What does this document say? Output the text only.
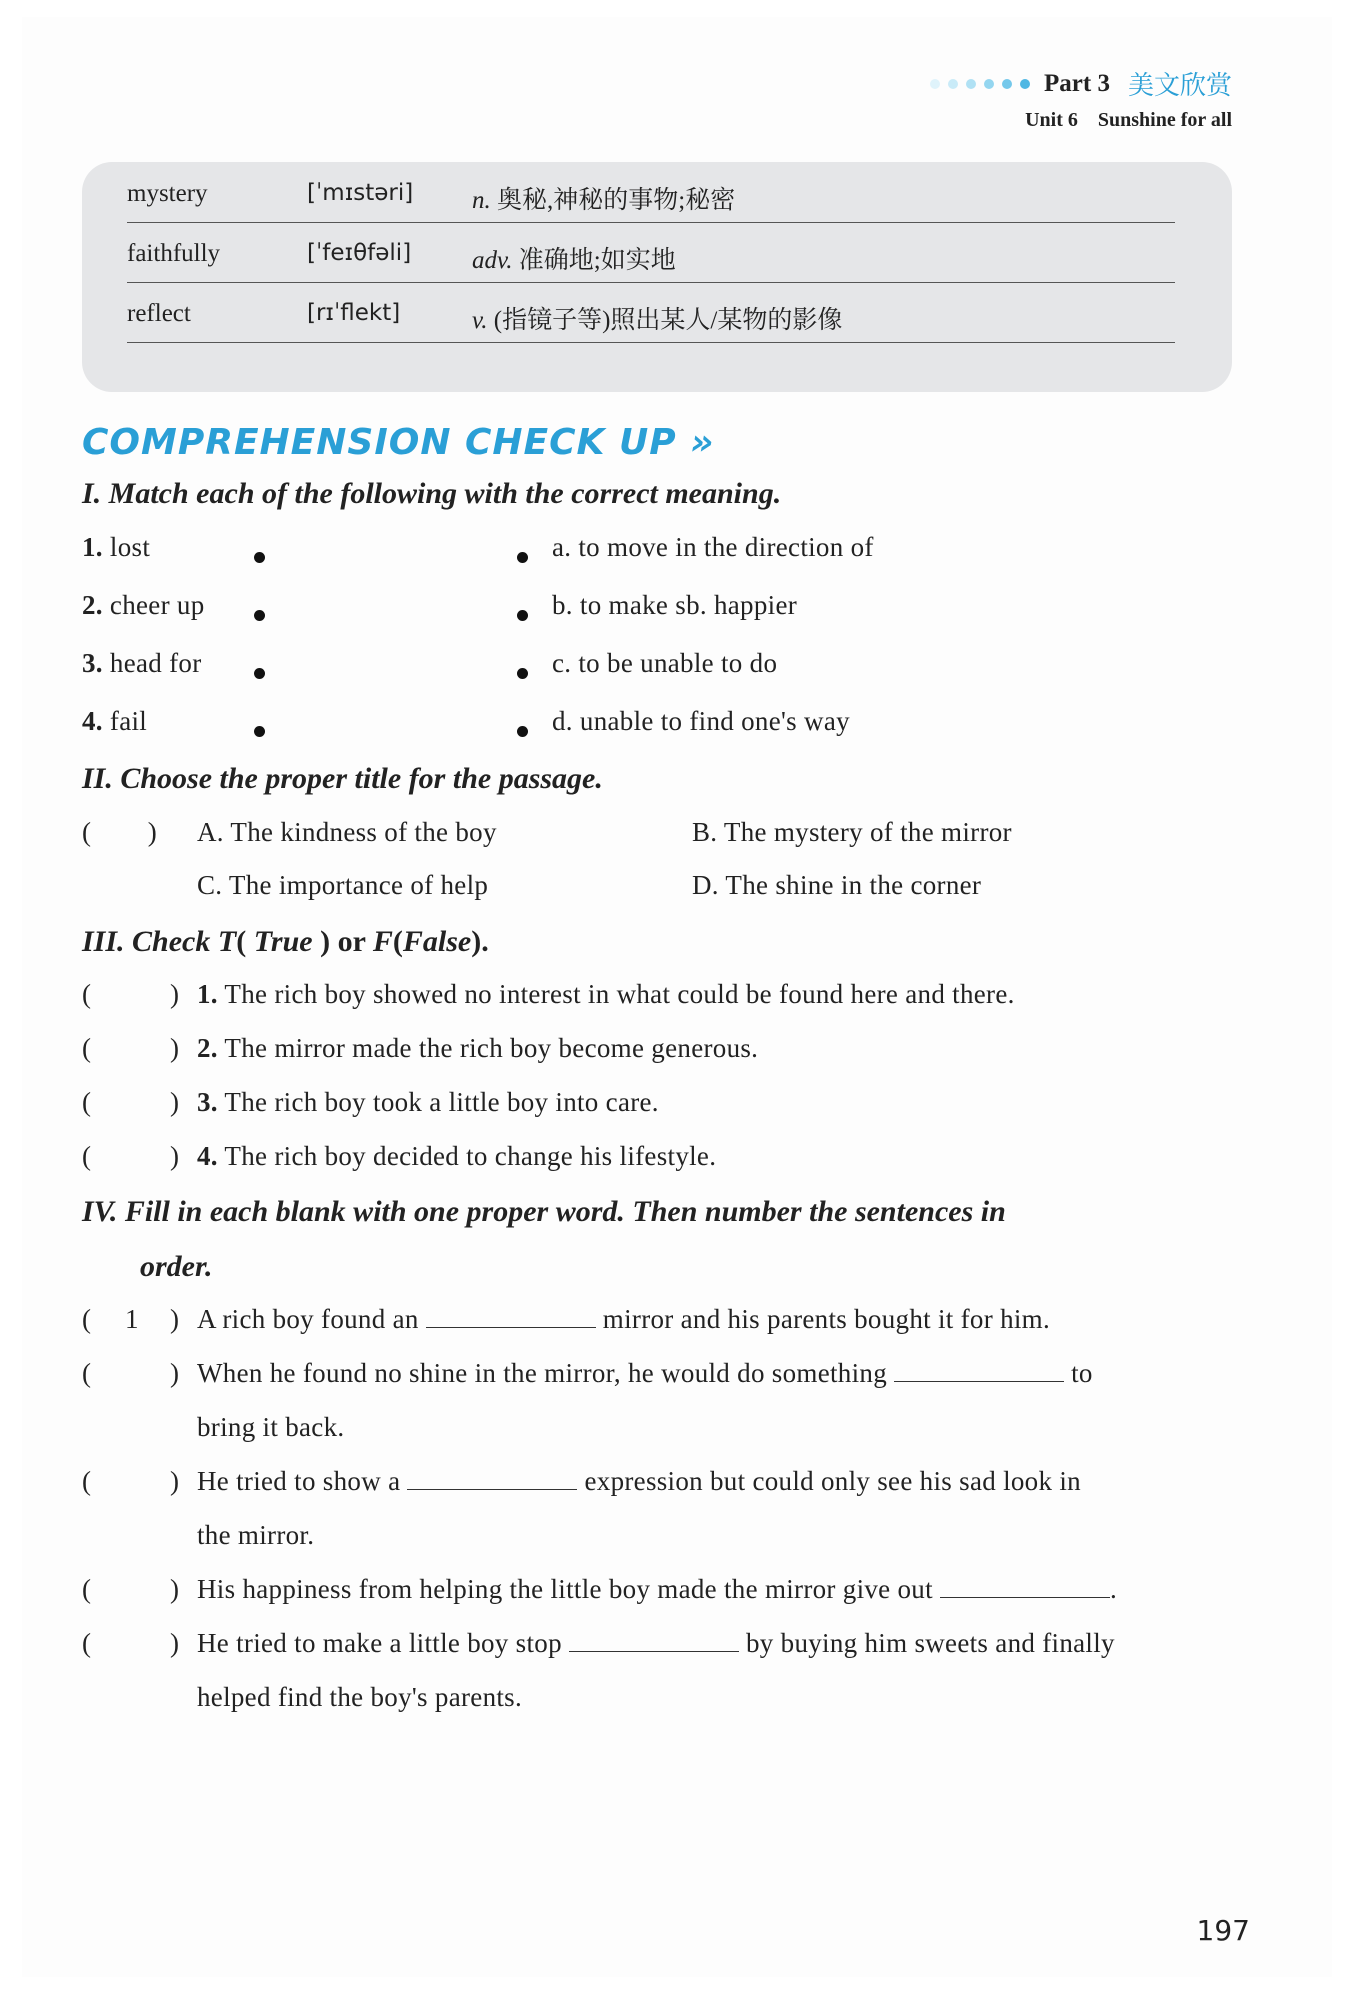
Part 3 美文欣赏
Unit 6 Sunshine for all
mystery	[ˈmɪstəri] n. 奥秘,神秘的事物;秘密
faithfully	[ˈfeɪθfəli] adv. 准确地;如实地
reflect	[rɪˈflekt]	v. (指镜子等)照出某人/某物的影像
COMPREHENSION CHECK UP »
I. Match each of the following with the correct meaning.
1. lost
2. cheer up
3. head for
4. fail
a. to move in the direction of
b. to make sb. happier
c. to be unable to do
d. unable to find one's way
II. Choose the proper title for the passage.
(        ) A. The kindness of the boy	B. The mystery of the mirror
C. The importance of help	D. The shine in the corner
III. Check T( True ) or F(False).
(	) 1. The rich boy showed no interest in what could be found here and there.
(	) 2. The mirror made the rich boy become generous.
(	) 3. The rich boy took a little boy into care.
(	) 4. The rich boy decided to change his lifestyle.
IV. Fill in each blank with one proper word. Then number the sentences in
order.
( 1 ) A rich boy found an	mirror and his parents bought it for him.
(	) When he found no shine in the mirror, he would do something	to
bring it back.
(	) He tried to show a	expression but could only see his sad look in
the mirror.
(	) His happiness from helping the little boy made the mirror give out	.
(	) He tried to make a little boy stop	by buying him sweets and finally
helped find the boy's parents.
197
